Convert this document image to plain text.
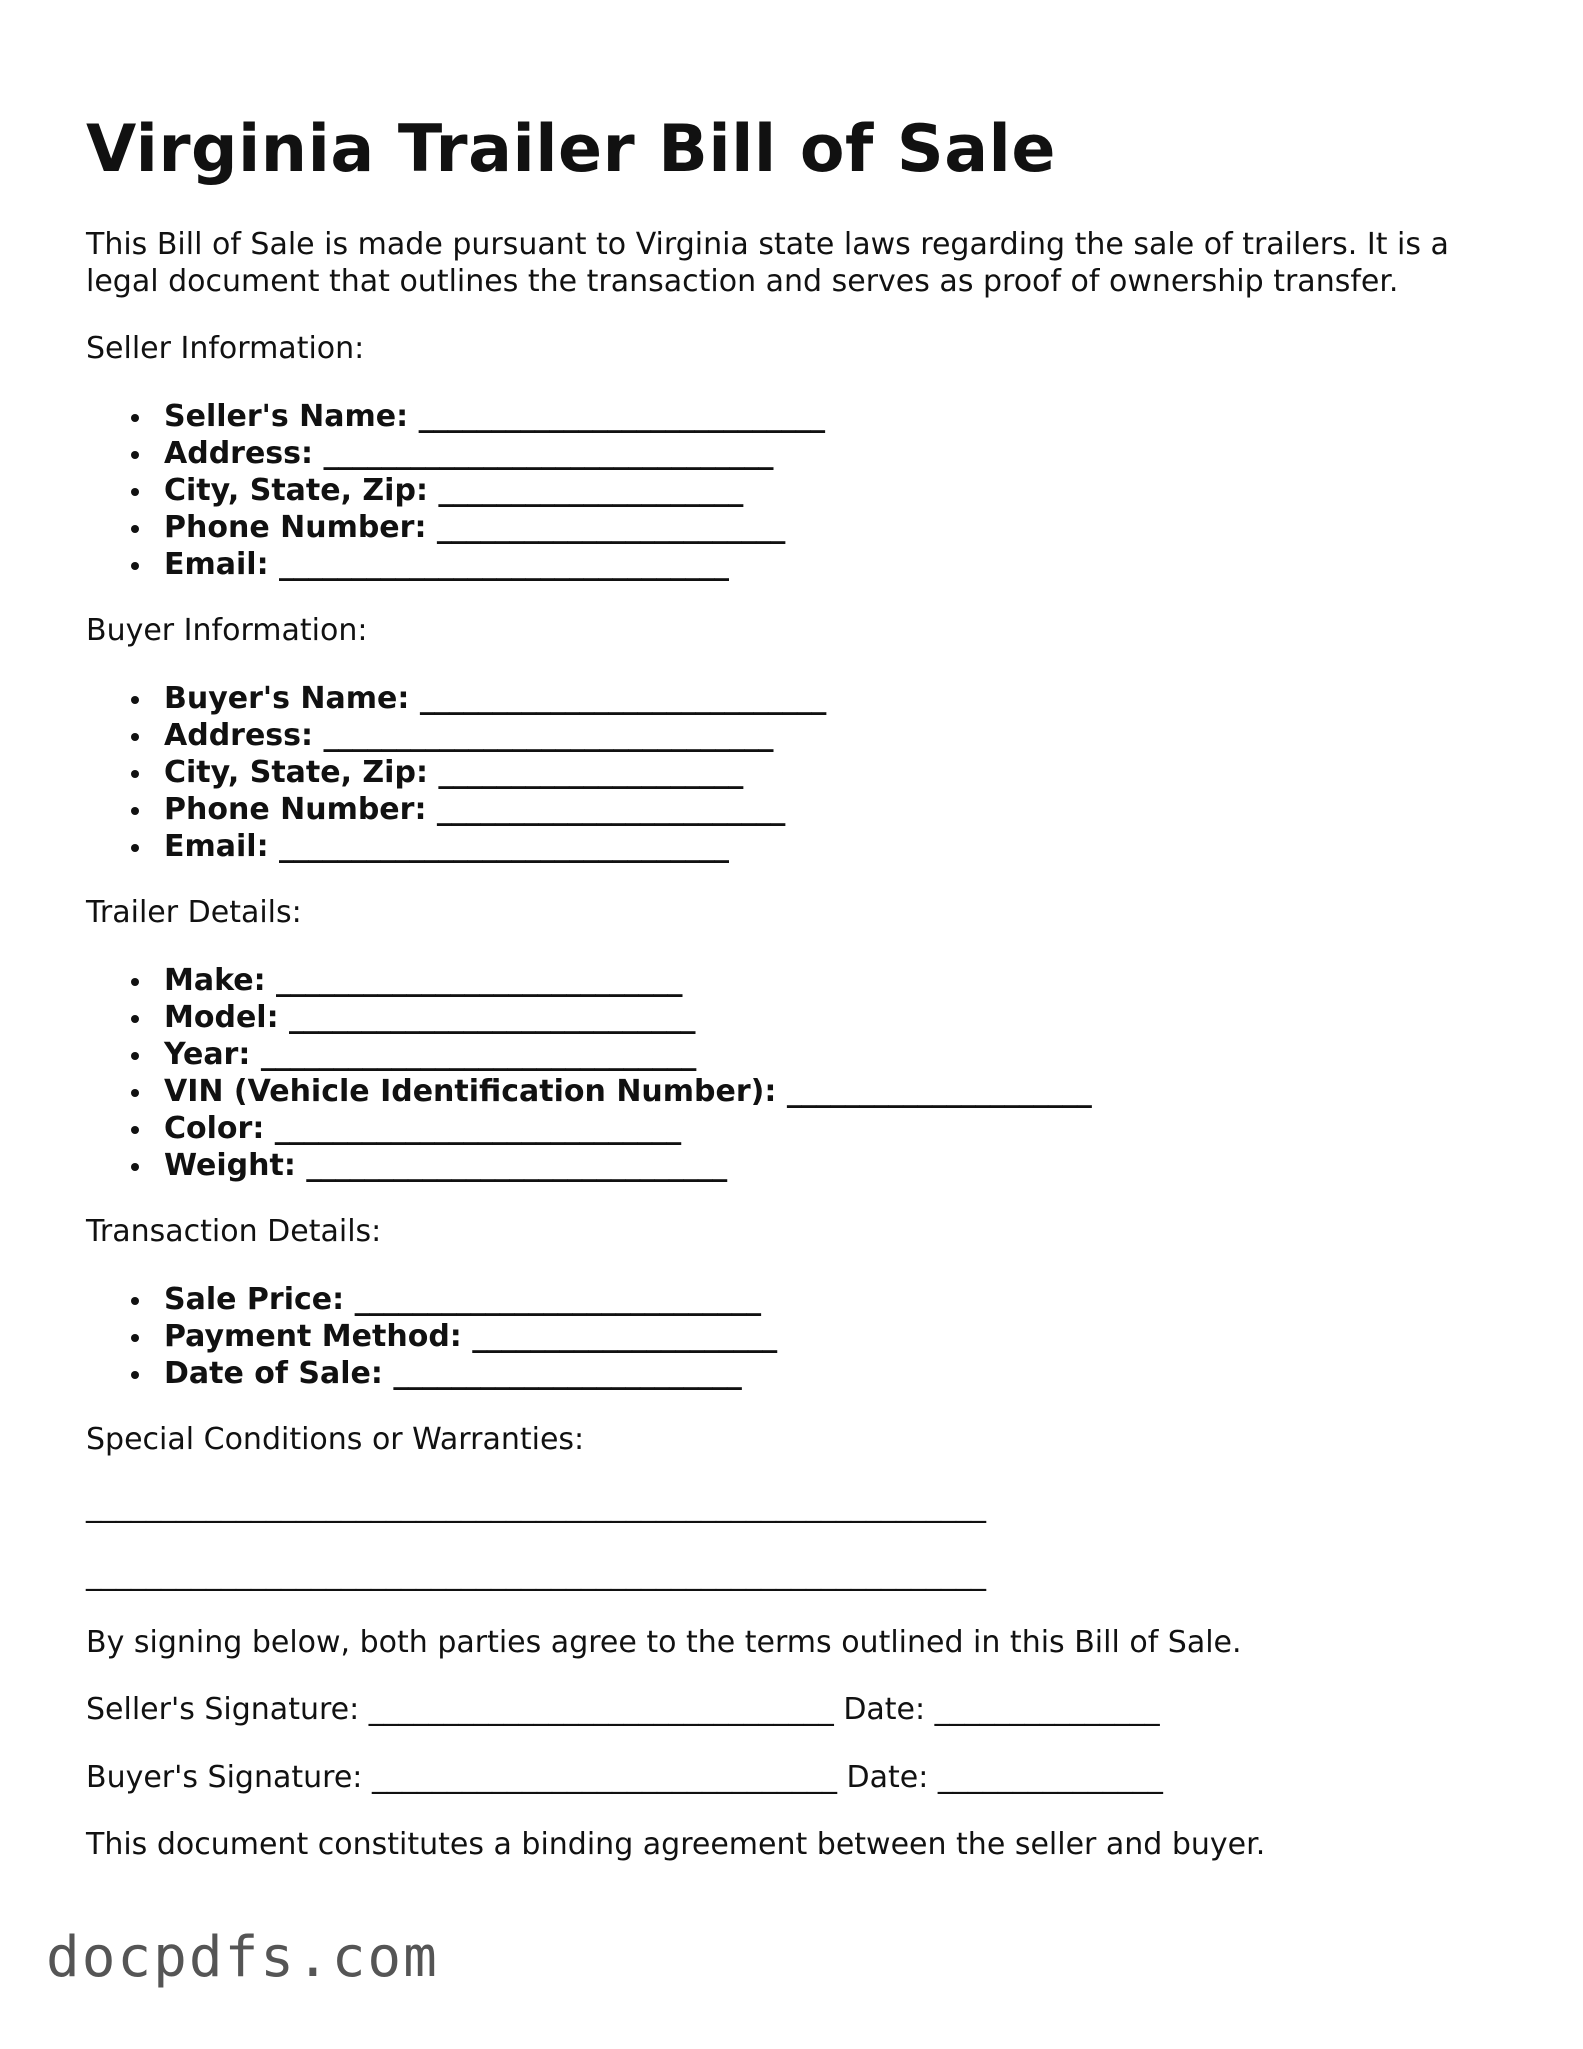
Virginia Trailer Bill of Sale

This Bill of Sale is made pursuant to Virginia state laws regarding the sale of trailers. It is a legal document that outlines the transaction and serves as proof of ownership transfer.

Seller Information:

Seller's Name: ____________________________
Address: _______________________________
City, State, Zip: _____________________
Phone Number: ________________________
Email: _______________________________

Buyer Information:

Buyer's Name: ____________________________
Address: _______________________________
City, State, Zip: _____________________
Phone Number: ________________________
Email: _______________________________

Trailer Details:

Make: ____________________________
Model: ____________________________
Year: ______________________________
VIN (Vehicle Identification Number): _____________________
Color: ____________________________
Weight: _____________________________

Transaction Details:

Sale Price: ____________________________
Payment Method: _____________________
Date of Sale: ________________________

Special Conditions or Warranties:

____________________________________________________________

____________________________________________________________

By signing below, both parties agree to the terms outlined in this Bill of Sale.

Seller's Signature: _______________________________ Date: _______________

Buyer's Signature: _______________________________ Date: _______________

This document constitutes a binding agreement between the seller and buyer.

docpdfs.com
